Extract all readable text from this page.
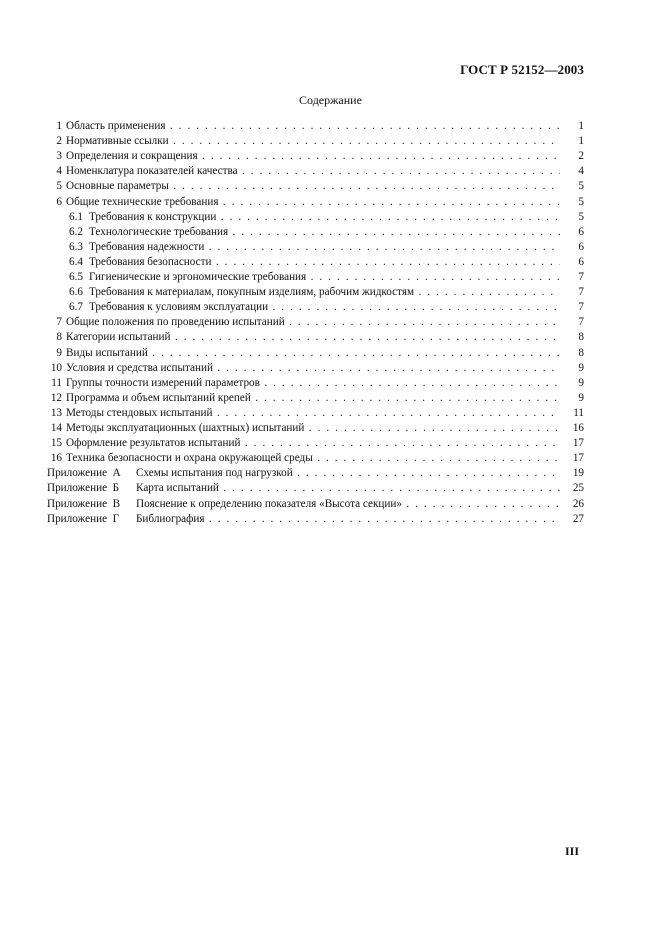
ГОСТ Р 52152—2003
Содержание
1 Область применения . . .	1
2 Нормативные ссылки . . .	1
3 Определения и сокращения . . .	2
4 Номенклатура показателей качества . . .	4
5 Основные параметры . . .	5
6 Общие технические требования . . .	5
6.1 Требования к конструкции . . .	5
6.2 Технологические требования . . .	6
6.3 Требования надежности . . .	6
6.4 Требования безопасности . . .	6
6.5 Гигиенические и эргономические требования . . .	7
6.6 Требования к материалам, покупным изделиям, рабочим жидкостям . . .	7
6.7 Требования к условиям эксплуатации . . .	7
7 Общие положения по проведению испытаний . . .	7
8 Категории испытаний . . .	8
9 Виды испытаний . . .	8
10 Условия и средства испытаний . . .	9
11 Группы точности измерений параметров . . .	9
12 Программа и объем испытаний крепей . . .	9
13 Методы стендовых испытаний . . .	11
14 Методы эксплуатационных (шахтных) испытаний . . .	16
15 Оформление результатов испытаний . . .	17
16 Техника безопасности и охрана окружающей среды . . .	17
Приложение  А Схемы испытания под нагрузкой . . .	19
Приложение  Б Карта испытаний . . .	25
Приложение  В Пояснение к определению показателя «Высота секции» . . .	26
Приложение  Г Библиография . . .	27
III
